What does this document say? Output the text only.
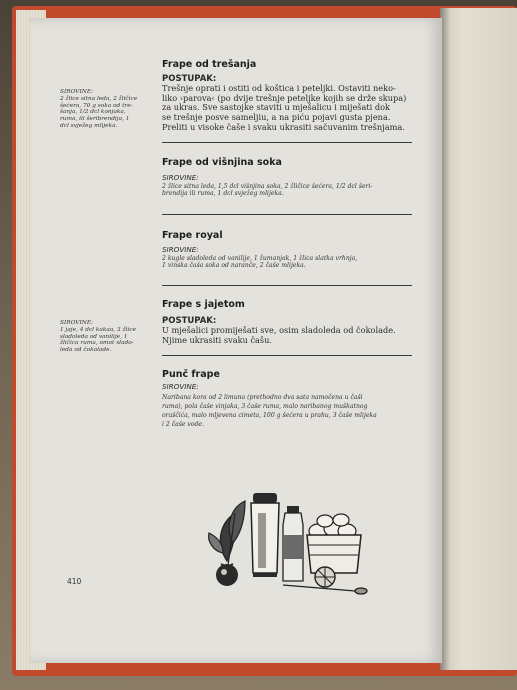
Frape od trešanja
POSTUPAK:
Trešnje oprati i ostiti od koštica i peteljki. Ostaviti neko-
liko ›parova‹ (po dvije trešnje peteljke kojih se drže skupa)
za ukras. Sve sastojke staviti u mješalicu i miješati dok
se trešnje posve sameljiu, a na piću pojavi gusta pjena.
Preliti u visoke čaše i svaku ukrasiti sačuvanim trešnjama.
SIROVINE:
2 žlice sitna leda, 2 žličice
šećera, 70 g soka od tre-
šanja, 1/2 dcl konjaka,
ruma, ili šeribrendija, 1
dcl svježeg mlijeka.
Frape od višnjina soka
SIROVINE:
2 žlice sitna leda, 1,5 dcl višnjina soka, 2 žličice šećera, 1/2 dcl šeri-
brendija ili ruma, 1 dcl svježeg mlijeka.
Frape royal
SIROVINE:
2 kugle sladoleda od vanilije, 1 žumanjak, 1 žlica slatka vrhnja,
1 vinska čaša soka od naranče, 2 čaše mlijeka.
Frape s jajetom
POSTUPAK:
U mješalici promiješati sve, osim sladoleda od čokolade.
Njime ukrasiti svaku čašu.
SIROVINE:
1 jaje, 4 dcl kakaa, 3 žlice
sladoleda od vanilije, 1
žličica ruma, omot slado-
leda od čokolade.
Punč frape
SIROVINE:
Naribana kora od 2 limuna (prethodno dva sata namočena u čaši
ruma), pola čaše vinjaka, 3 čaše ruma, malo naribanog muškatnog
oraščića, malo mljevena cimeta, 100 g šećera u prahu, 3 čaše mlijeka
i 2 čaše vode.
410
